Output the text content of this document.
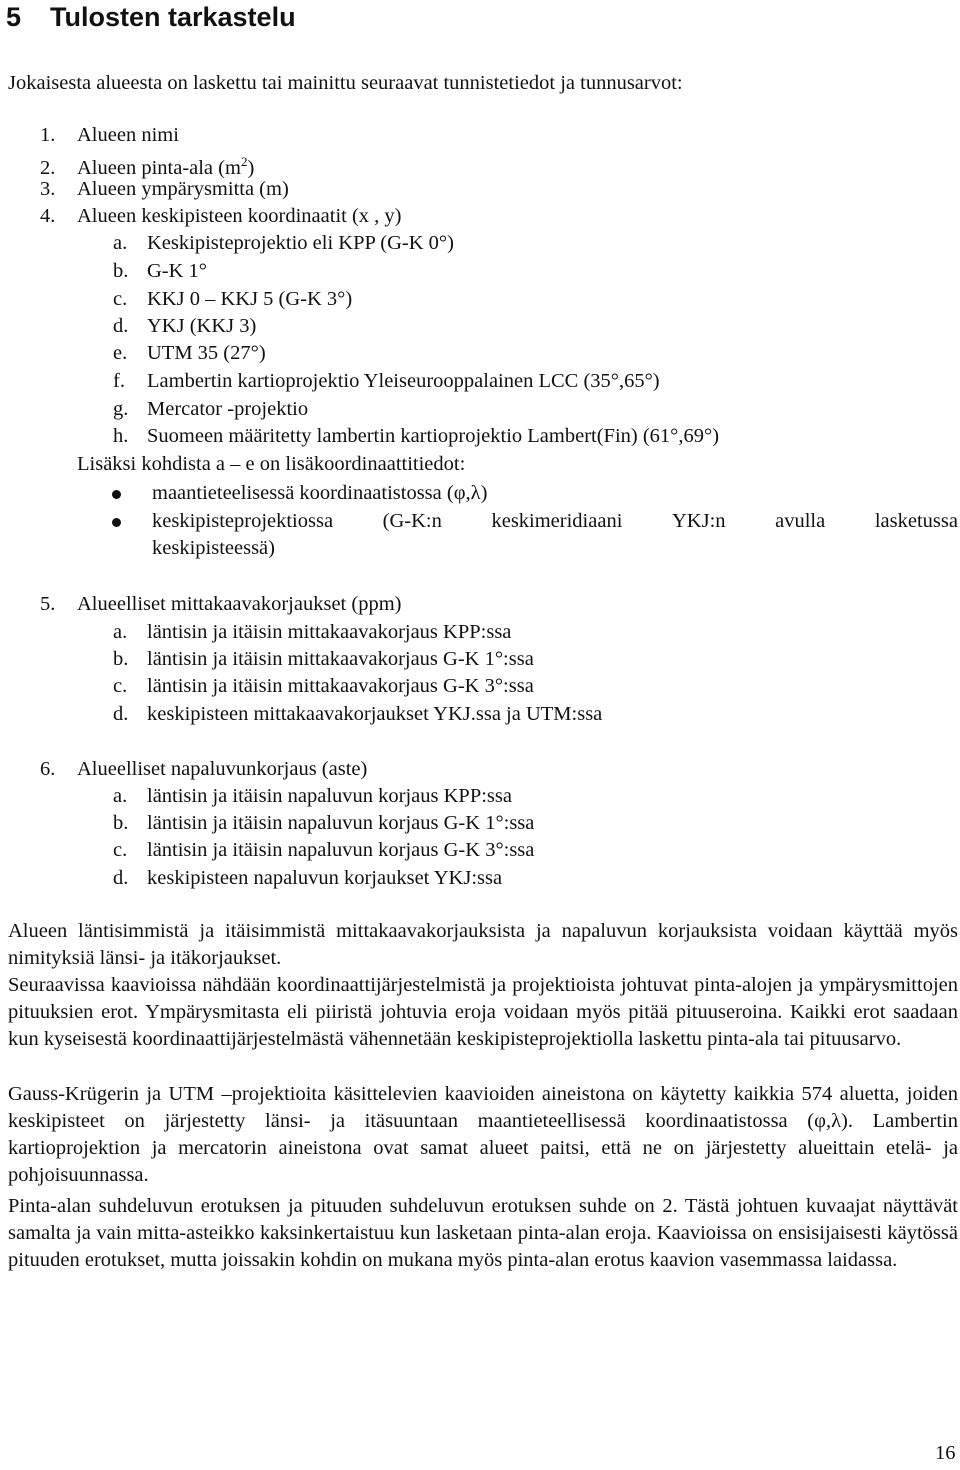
5 Tulosten tarkastelu
Jokaisesta alueesta on laskettu tai mainittu seuraavat tunnistetiedot ja tunnusarvot:
1. Alueen nimi
2. Alueen pinta-ala $(m^2)$
3. Alueen ympärysmitta (m)
4. Alueen keskipisteen koordinaatit (x , y)
a. Keskipisteprojektio eli KPP (G-K 0°)
b. G-K 1°
c. KKJ 0 – KKJ 5 (G-K 3°)
d. YKJ (KKJ 3)
e. UTM 35 (27°)
f. Lambertin kartioprojektio Yleiseurooppalainen LCC (35°,65°)
g. Mercator -projektio
h. Suomeen määritetty lambertin kartioprojektio Lambert(Fin) (61°,69°)
Lisäksi kohdista a – e on lisäkoordinaattitiedot:
maantieteelisessä koordinaatistossa (φ,λ)
keskipisteprojektiossa (G-K:n keskimeridiaani YKJ:n avulla lasketussa
keskipisteessä)
5. Alueelliset mittakaavakorjaukset (ppm)
a. läntisin ja itäisin mittakaavakorjaus KPP:ssa
b. läntisin ja itäisin mittakaavakorjaus G-K 1°:ssa
c. läntisin ja itäisin mittakaavakorjaus G-K 3°:ssa
d. keskipisteen mittakaavakorjaukset YKJ.ssa ja UTM:ssa
6. Alueelliset napaluvunkorjaus (aste)
a. läntisin ja itäisin napaluvun korjaus KPP:ssa
b. läntisin ja itäisin napaluvun korjaus G-K 1°:ssa
c. läntisin ja itäisin napaluvun korjaus G-K 3°:ssa
d. keskipisteen napaluvun korjaukset YKJ:ssa
Alueen läntisimmistä ja itäisimmistä mittakaavakorjauksista ja napaluvun korjauksista voidaan käyttää myös nimityksiä länsi- ja itäkorjaukset.
Seuraavissa kaavioissa nähdään koordinaattijärjestelmistä ja projektioista johtuvat pinta-alojen ja ympärysmittojen pituuksien erot. Ympärysmitasta eli piiristä johtuvia eroja voidaan myös pitää pituuseroina. Kaikki erot saadaan kun kyseisestä koordinaattijärjestelmästä vähennetään keskipisteprojektiolla laskettu pinta-ala tai pituusarvo.
Gauss-Krügerin ja UTM –projektioita käsittelevien kaavioiden aineistona on käytetty kaikkia 574 aluetta, joiden keskipisteet on järjestetty länsi- ja itäsuuntaan maantieteellisessä koordinaatistossa (φ,λ). Lambertin kartioprojektion ja mercatorin aineistona ovat samat alueet paitsi, että ne on järjestetty alueittain etelä- ja pohjoisuunnassa.
Pinta-alan suhdeluvun erotuksen ja pituuden suhdeluvun erotuksen suhde on 2. Tästä johtuen kuvaajat näyttävät samalta ja vain mitta-asteikko kaksinkertaistuu kun lasketaan pinta-alan eroja. Kaavioissa on ensisijaisesti käytössä pituuden erotukset, mutta joissakin kohdin on mukana myös pinta-alan erotus kaavion vasemmassa laidassa.
16
